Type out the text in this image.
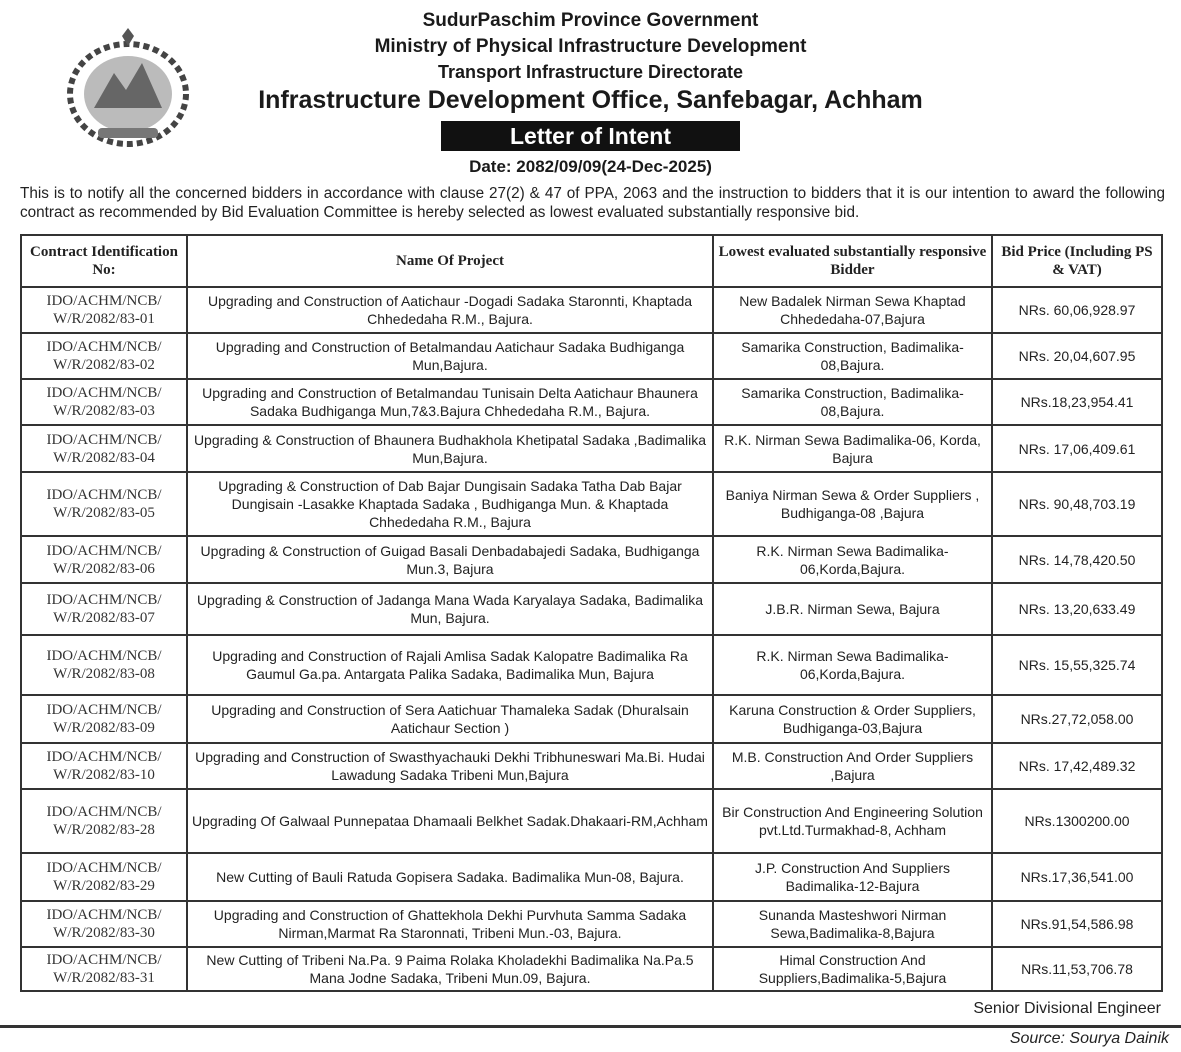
SudurPaschim Province Government
Ministry of Physical Infrastructure Development
Transport Infrastructure Directorate
Infrastructure Development Office, Sanfebagar, Achham
Letter of Intent
Date: 2082/09/09(24-Dec-2025)
This is to notify all the concerned bidders in accordance with clause 27(2) & 47 of PPA, 2063 and the instruction to bidders that it is our intention to award the following contract as recommended by Bid Evaluation Committee is hereby selected as lowest evaluated substantially responsive bid.
Contract Identification No:	Name Of Project	Lowest evaluated substantially responsive Bidder	Bid Price (Including PS & VAT)
IDO/ACHM/NCB/ W/R/2082/83-01	Upgrading and Construction of Aatichaur -Dogadi Sadaka Staronnti, Khaptada Chhededaha R.M., Bajura.	New Badalek Nirman Sewa Khaptad Chhededaha-07,Bajura	NRs. 60,06,928.97
IDO/ACHM/NCB/ W/R/2082/83-02	Upgrading and Construction of Betalmandau Aatichaur Sadaka Budhiganga Mun,Bajura.	Samarika Construction, Badimalika-08,Bajura.	NRs. 20,04,607.95
IDO/ACHM/NCB/ W/R/2082/83-03	Upgrading and Construction of Betalmandau Tunisain Delta Aatichaur Bhaunera Sadaka Budhiganga Mun,7&3.Bajura Chhededaha R.M., Bajura.	Samarika Construction, Badimalika-08,Bajura.	NRs.18,23,954.41
IDO/ACHM/NCB/ W/R/2082/83-04	Upgrading & Construction of Bhaunera Budhakhola Khetipatal Sadaka ,Badimalika Mun,Bajura.	R.K. Nirman Sewa Badimalika-06, Korda, Bajura	NRs. 17,06,409.61
IDO/ACHM/NCB/ W/R/2082/83-05	Upgrading & Construction of Dab Bajar Dungisain Sadaka Tatha Dab Bajar Dungisain -Lasakke Khaptada Sadaka , Budhiganga Mun. & Khaptada Chhededaha R.M., Bajura	Baniya Nirman Sewa & Order Suppliers , Budhiganga-08 ,Bajura	NRs. 90,48,703.19
IDO/ACHM/NCB/ W/R/2082/83-06	Upgrading & Construction of Guigad Basali Denbadabajedi Sadaka, Budhiganga Mun.3, Bajura	R.K. Nirman Sewa Badimalika-06,Korda,Bajura.	NRs. 14,78,420.50
IDO/ACHM/NCB/ W/R/2082/83-07	Upgrading & Construction of Jadanga Mana Wada Karyalaya Sadaka, Badimalika Mun, Bajura.	J.B.R. Nirman Sewa, Bajura	NRs. 13,20,633.49
IDO/ACHM/NCB/ W/R/2082/83-08	Upgrading and Construction of Rajali Amlisa Sadak Kalopatre Badimalika Ra Gaumul Ga.pa. Antargata Palika Sadaka, Badimalika Mun, Bajura	R.K. Nirman Sewa Badimalika-06,Korda,Bajura.	NRs. 15,55,325.74
IDO/ACHM/NCB/ W/R/2082/83-09	Upgrading and Construction of Sera Aatichuar Thamaleka Sadak (Dhuralsain Aatichaur Section )	Karuna Construction & Order Suppliers, Budhiganga-03,Bajura	NRs.27,72,058.00
IDO/ACHM/NCB/ W/R/2082/83-10	Upgrading and Construction of Swasthyachauki Dekhi Tribhuneswari Ma.Bi. Hudai Lawadung Sadaka Tribeni Mun,Bajura	M.B. Construction And Order Suppliers ,Bajura	NRs. 17,42,489.32
IDO/ACHM/NCB/ W/R/2082/83-28	Upgrading Of Galwaal Punnepataa Dhamaali Belkhet Sadak.Dhakaari-RM,Achham	Bir Construction And Engineering Solution pvt.Ltd.Turmakhad-8, Achham	NRs.1300200.00
IDO/ACHM/NCB/ W/R/2082/83-29	New Cutting of Bauli Ratuda Gopisera Sadaka. Badimalika Mun-08, Bajura.	J.P. Construction And Suppliers Badimalika-12-Bajura	NRs.17,36,541.00
IDO/ACHM/NCB/ W/R/2082/83-30	Upgrading and Construction of Ghattekhola Dekhi Purvhuta Samma Sadaka Nirman,Marmat Ra Staronnati, Tribeni Mun.-03, Bajura.	Sunanda Masteshwori Nirman Sewa,Badimalika-8,Bajura	NRs.91,54,586.98
IDO/ACHM/NCB/ W/R/2082/83-31	New Cutting of Tribeni Na.Pa. 9 Paima Rolaka Kholadekhi Badimalika Na.Pa.5 Mana Jodne Sadaka, Tribeni Mun.09, Bajura.	Himal Construction And Suppliers,Badimalika-5,Bajura	NRs.11,53,706.78
Senior Divisional Engineer
Source: Sourya Dainik
